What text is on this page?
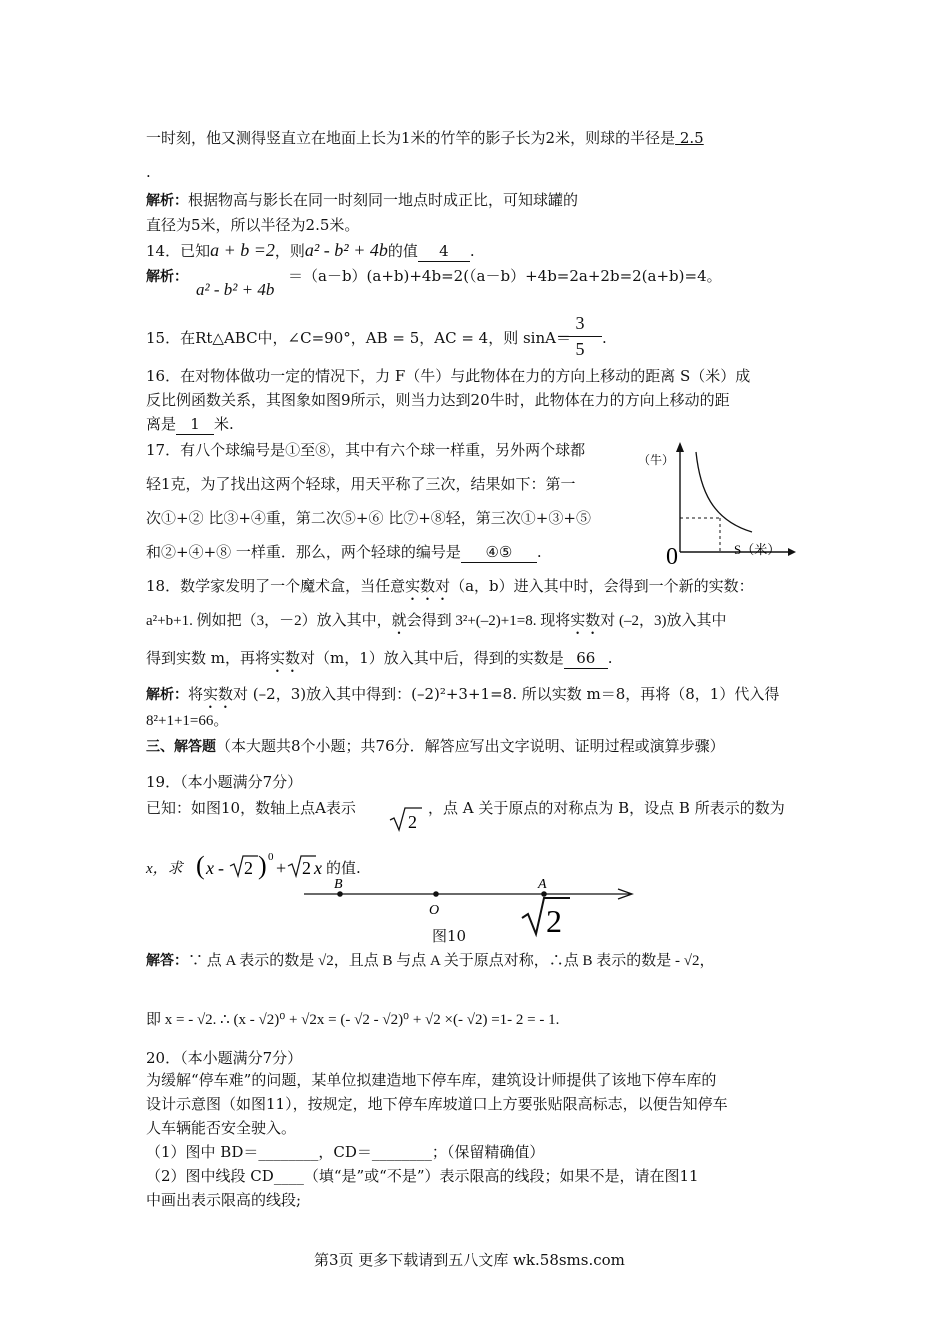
一时刻，他又测得竖直立在地面上长为1米的竹竿的影子长为2米，则球的半径是 2.5
.
解析：根据物高与影长在同一时刻同一地点时成正比，可知球罐的
直径为5米，所以半径为2.5米。
14．已知a + b =2，则a² - b² + 4b的值 4 .
解析：
a² - b² + 4b
＝（a－b）(a+b)+4b=2(（a－b）+4b=2a+2b=2(a+b)=4。
15．在Rt△ABC中，∠C=90°，AB = 5，AC = 4，则 sinA＝
3
5
.
16．在对物体做功一定的情况下，力 F（牛）与此物体在力的方向上移动的距离 S（米）成
反比例函数关系，其图象如图9所示，则当力达到20牛时，此物体在力的方向上移动的距
离是 1 米.
17．有八个球编号是①至⑧，其中有六个球一样重，另外两个球都
轻1克，为了找出这两个轻球，用天平称了三次，结果如下：第一
次①+② 比③+④重，第二次⑤+⑥ 比⑦+⑧轻，第三次①+③+⑤
和②+④+⑧ 一样重．那么，两个轻球的编号是 ④⑤ .
（牛）
S（米）
0
18．数学家发明了一个魔术盒，当任意实数对（a，b）进入其中时，会得到一个新的实数：
a²+b+1. 例如把（3，－2）放入其中，就会得到 3²+(–2)+1=8. 现将实数对 (–2，3)放入其中
得到实数 m，再将实数对（m，1）放入其中后，得到的实数是 66 .
解析：将实数对 (–2，3)放入其中得到：(–2)²+3+1=8. 所以实数 m＝8，再将（8，1）代入得
8²+1+1=66。
三、解答题（本大题共8个小题；共76分．解答应写出文字说明、证明过程或演算步骤）
19．（本小题满分7分）
已知：如图10，数轴上点A表示
2
，点 A 关于原点的对称点为 B，设点 B 所表示的数为
x，求 ( x - 2 ) 0
+ 2 x 的值.
B
O
A
2
图10
解答：∵ 点 A 表示的数是 √2，且点 B 与点 A 关于原点对称，∴点 B 表示的数是 - √2，
即 x = - √2. ∴ (x - √2)⁰ + √2x = (- √2 - √2)⁰ + √2 ×(- √2) =1- 2 = - 1.
20．（本小题满分7分）
为缓解“停车难”的问题，某单位拟建造地下停车库，建筑设计师提供了该地下停车库的
设计示意图（如图11），按规定，地下停车库坡道口上方要张贴限高标志，以便告知停车
人车辆能否安全驶入。
（1）图中 BD＝________，CD＝________；（保留精确值）
（2）图中线段 CD____（填“是”或“不是”）表示限高的线段；如果不是，请在图11
中画出表示限高的线段;
第3页 更多下载请到五八文库 wk.58sms.com
